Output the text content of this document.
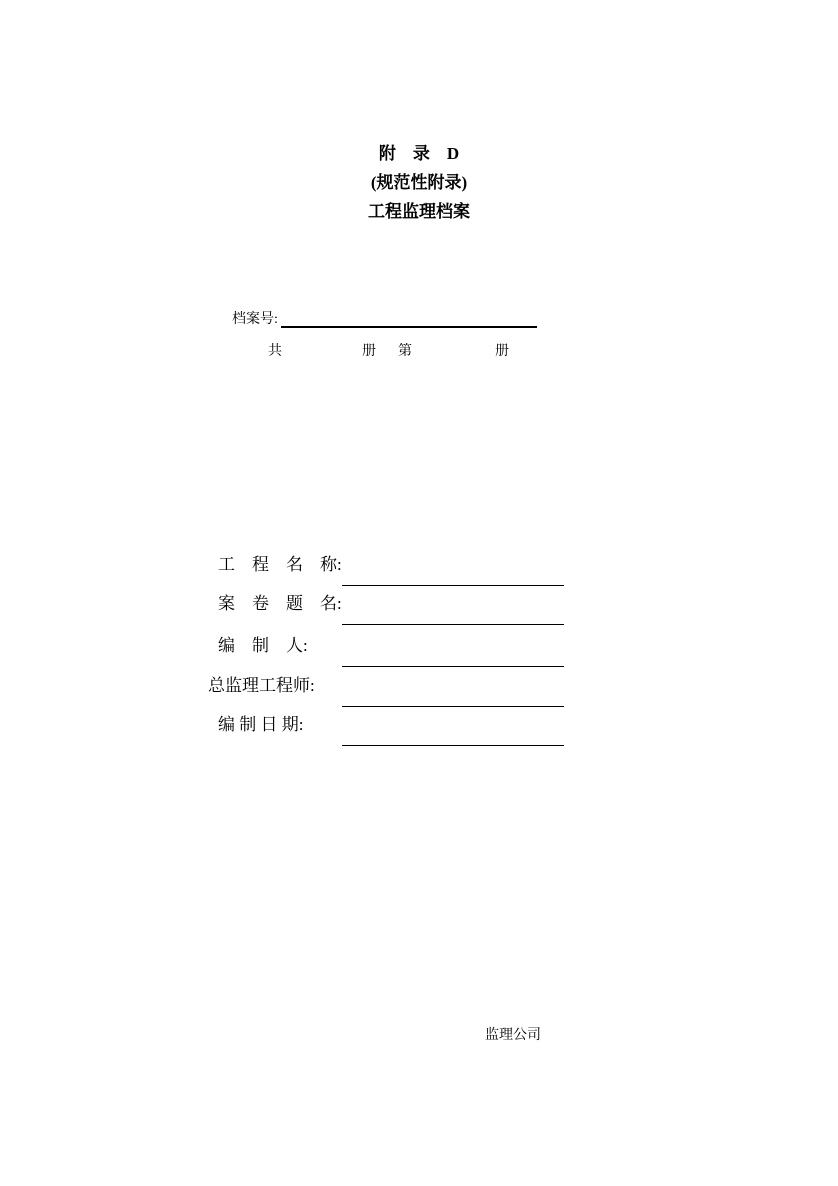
附　录　D
(规范性附录)
工程监理档案
档案号:
共	册 第	册
工　程　名　称:
案　卷　题　名:
编　制　人:
总监理工程师:
编 制 日 期:
监理公司
